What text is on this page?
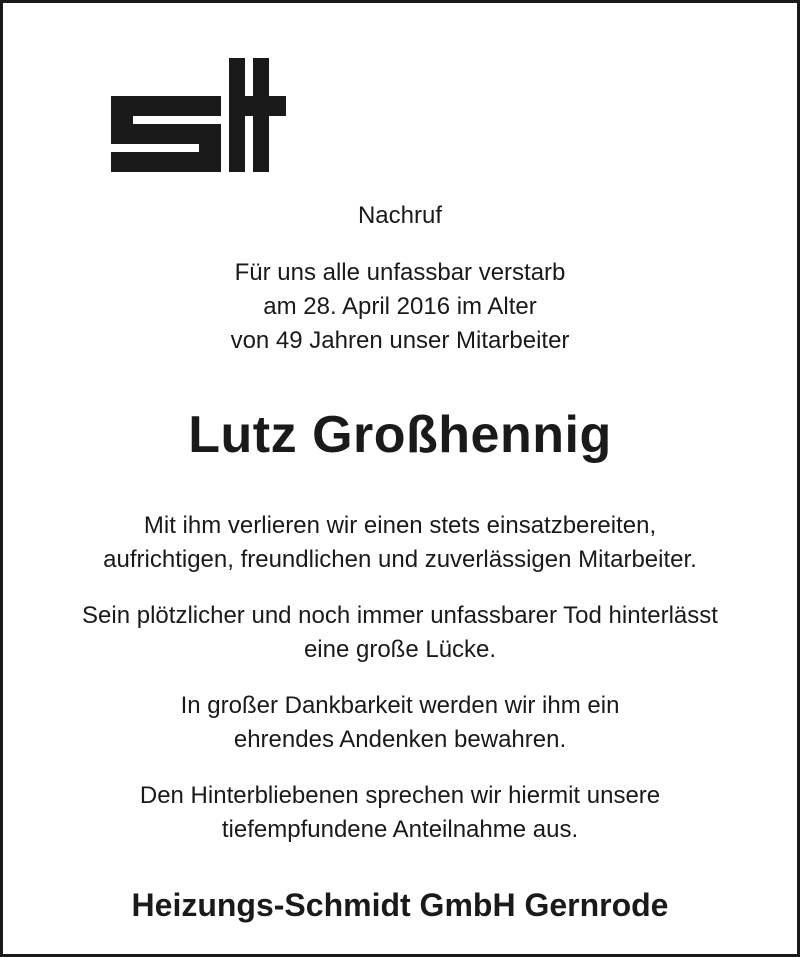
Nachruf
Für uns alle unfassbar verstarb
am 28. April 2016 im Alter
von 49 Jahren unser Mitarbeiter
Lutz Großhennig
Mit ihm verlieren wir einen stets einsatzbereiten,
aufrichtigen, freundlichen und zuverlässigen Mitarbeiter.
Sein plötzlicher und noch immer unfassbarer Tod hinterlässt
eine große Lücke.
In großer Dankbarkeit werden wir ihm ein
ehrendes Andenken bewahren.
Den Hinterbliebenen sprechen wir hiermit unsere
tiefempfundene Anteilnahme aus.
Heizungs-Schmidt GmbH Gernrode
